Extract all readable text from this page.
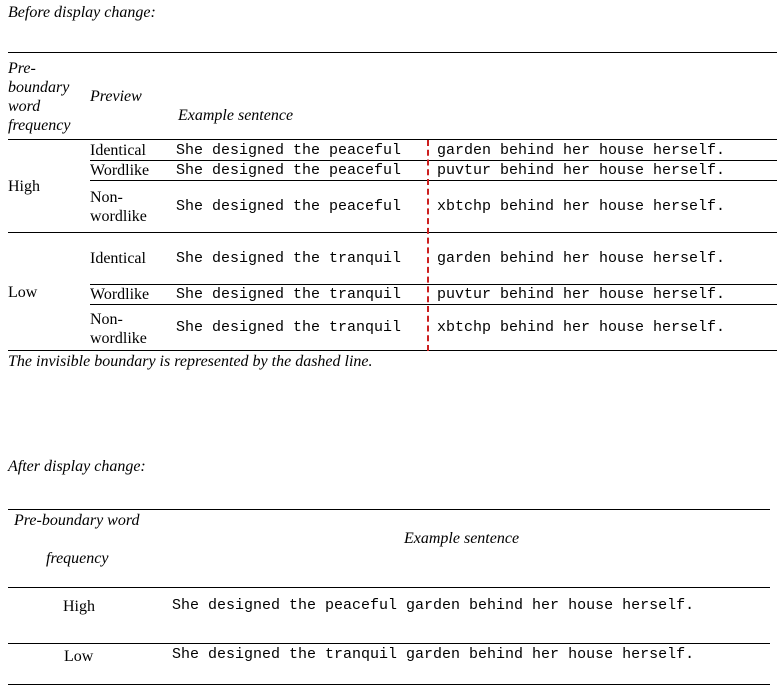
Before display change:
Pre-
boundary
word
frequency
Preview
Example sentence
High
Low
Identical She designed the peaceful garden behind her house herself.
Wordlike She designed the peaceful puvtur behind her house herself.
Non-
wordlike
She designed the peaceful xbtchp behind her house herself.
Identical She designed the tranquil garden behind her house herself.
Wordlike She designed the tranquil puvtur behind her house herself.
Non-
wordlike
She designed the tranquil xbtchp behind her house herself.
The invisible boundary is represented by the dashed line.
After display change:
Pre-boundary word
frequency
Example sentence
High	She designed the peaceful garden behind her house herself.
Low	She designed the tranquil garden behind her house herself.
